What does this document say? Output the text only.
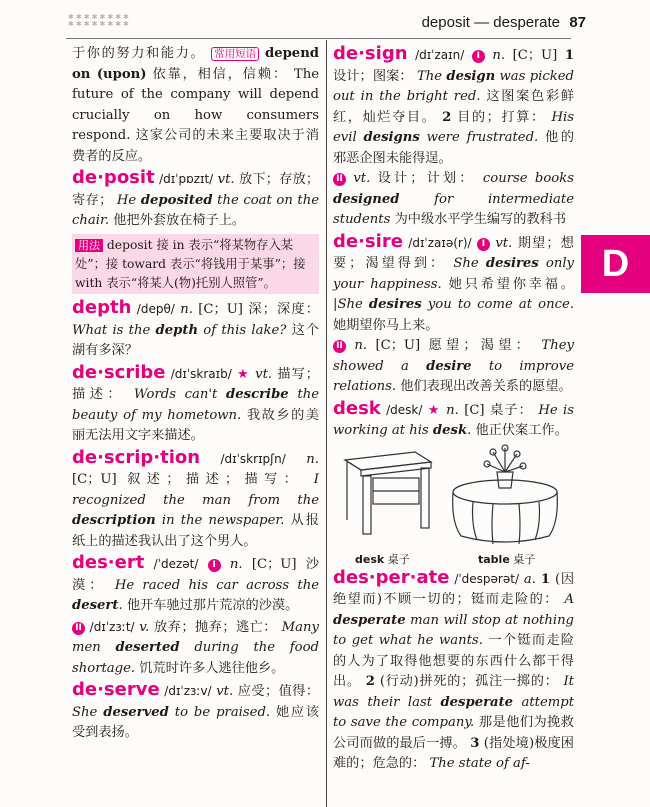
✱✱✱✱✱✱✱✱
✱✱✱✱✱✱✱✱	deposit — desperate 87
D
于你的努力和能力。 常用短语 depend on (upon) 依靠，相信，信赖： The future of the company will depend crucially on how consumers respond. 这家公司的未来主要取决于消费者的反应。
de·posit /dɪˈpɒzɪt/ vt. 放下；存放；寄存； He deposited the coat on the chair. 他把外套放在椅子上。
用法 deposit 接 in 表示“将某物存入某处”；接 toward 表示“将钱用于某事”；接 with 表示“将某人(物)托别人照管”。
depth /depθ/ n. [C；U] 深；深度： What is the depth of this lake? 这个湖有多深？
de·scribe /dɪˈskraɪb/ ★ vt. 描写；描述： Words can't describe the beauty of my hometown. 我故乡的美丽无法用文字来描述。
de·scrip·tion /dɪˈskrɪpʃn/ n. [C；U] 叙述；描述；描写： I recognized the man from the description in the newspaper. 从报纸上的描述我认出了这个男人。
des·ert /ˈdezət/ I n. [C；U] 沙漠： He raced his car across the desert. 他开车驰过那片荒凉的沙漠。
II /dɪˈzɜːt/ v. 放弃；抛弃；逃亡： Many men deserted during the food shortage. 饥荒时许多人逃往他乡。
de·serve /dɪˈzɜːv/ vt. 应受；值得： She deserved to be praised. 她应该受到表扬。
de·sign /dɪˈzaɪn/ I n. [C；U] 1 设计；图案： The design was picked out in the bright red. 这图案色彩鲜红，灿烂夺目。 2 目的；打算： His evil designs were frustrated. 他的邪恶企图未能得逞。
II vt. 设计；计划： course books designed for intermediate students 为中级水平学生编写的教科书
de·sire /dɪˈzaɪə(r)/ I vt. 期望；想要；渴望得到： She desires only your happiness. 她只希望你幸福。 |She desires you to come at once. 她期望你马上来。
II n. [C；U] 愿望；渴望： They showed a desire to improve relations. 他们表现出改善关系的愿望。
desk /desk/ ★ n. [C] 桌子： He is working at his desk. 他正伏案工作。
desk 桌子	table 桌子
des·per·ate /ˈdespərət/ a. 1 (因绝望而)不顾一切的；铤而走险的： A desperate man will stop at nothing to get what he wants. 一个铤而走险的人为了取得他想要的东西什么都干得出。 2 (行动)拼死的；孤注一掷的： It was their last desperate attempt to save the company. 那是他们为挽救公司而做的最后一搏。 3 (指处境)极度困难的；危急的： The state of af-
